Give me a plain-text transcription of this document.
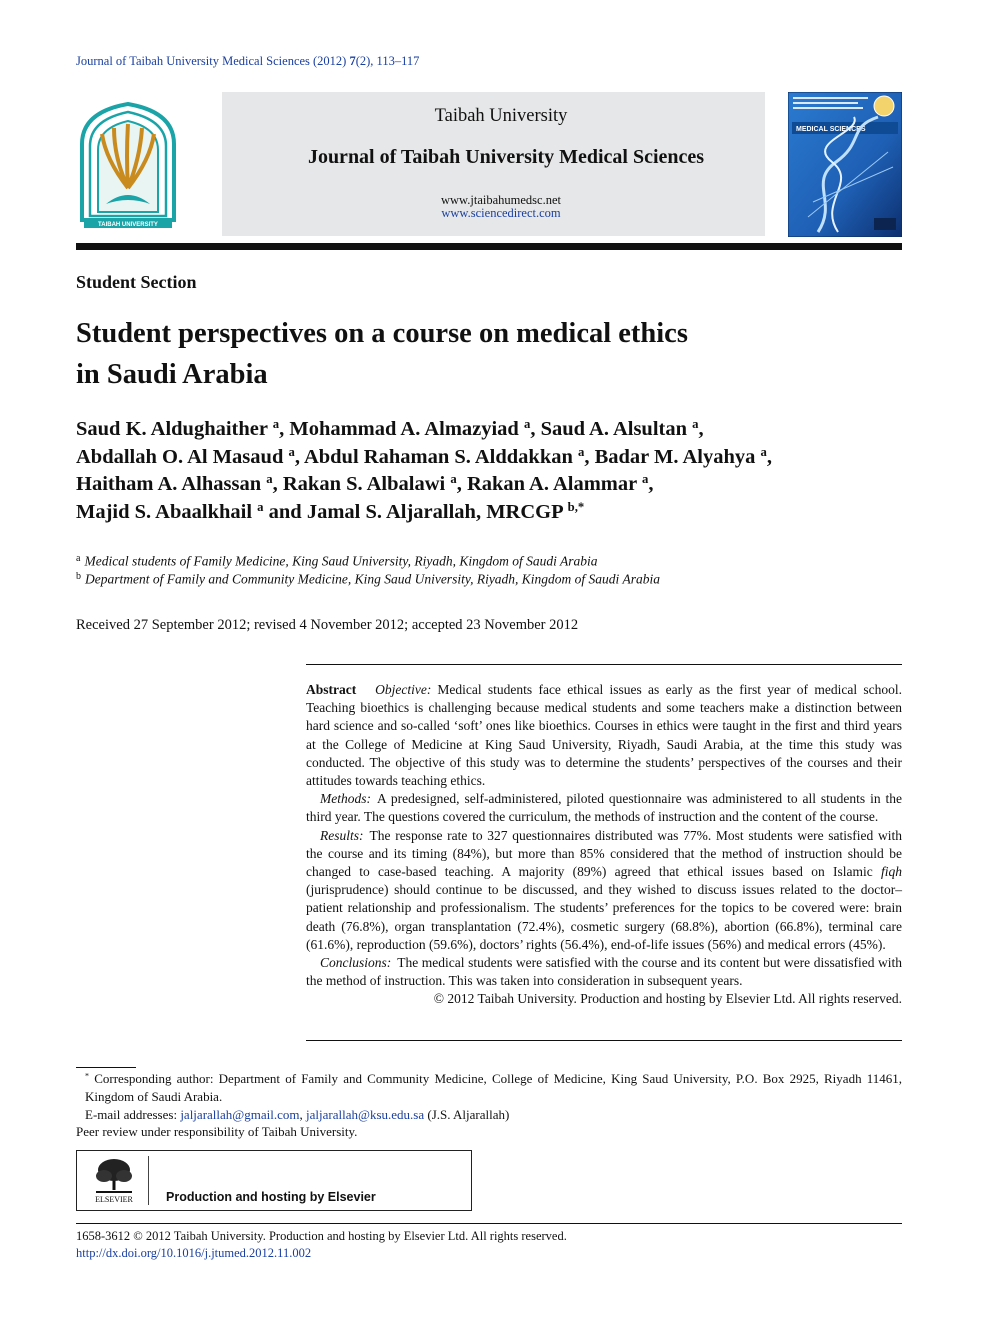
Journal of Taibah University Medical Sciences (2012) 7(2), 113–117
TAIBAH UNIVERSITY
Taibah University
Journal of Taibah University Medical Sciences
www.jtaibahumedsc.net
www.sciencedirect.com
MEDICAL SCIENCES
Student Section
Student perspectives on a course on medical ethics
in Saudi Arabia
Saud K. Aldughaither $^a$, Mohammad A. Almazyiad $^a$, Saud A. Alsultan $^a$,
Abdallah O. Al Masaud $^a$, Abdul Rahaman S. Alddakkan $^a$, Badar M. Alyahya $^a$,
Haitham A. Alhassan $^a$, Rakan S. Albalawi $^a$, Rakan A. Alammar $^a$,
Majid S. Abaalkhail $^a$ and Jamal S. Aljarallah, MRCGP $^{b,*}$
$^a$ Medical students of Family Medicine, King Saud University, Riyadh, Kingdom of Saudi Arabia
$^b$ Department of Family and Community Medicine, King Saud University, Riyadh, Kingdom of Saudi Arabia
Received 27 September 2012; revised 4 November 2012; accepted 23 November 2012

Abstract Objective: Medical students face ethical issues as early as the first year of medical school. Teaching bioethics is challenging because medical students and some teachers make a distinction between hard science and so-called ‘soft’ ones like bioethics. Courses in ethics were taught in the first and third years at the College of Medicine at King Saud University, Riyadh, Saudi Arabia, at the time this study was conducted. The objective of this study was to determine the students’ perspectives of the courses and their attitudes towards teaching ethics.

Methods: A predesigned, self-administered, piloted questionnaire was administered to all students in the third year. The questions covered the curriculum, the methods of instruction and the content of the course.

Results: The response rate to 327 questionnaires distributed was 77%. Most students were satisfied with the course and its timing (84%), but more than 85% considered that the method of instruction should be changed to case-based teaching. A majority (89%) agreed that ethical issues based on Islamic fiqh (jurisprudence) should continue to be discussed, and they wished to discuss issues related to the doctor–patient relationship and professionalism. The students’ preferences for the topics to be covered were: brain death (76.8%), organ transplantation (72.4%), cosmetic surgery (68.8%), abortion (66.8%), terminal care (61.6%), reproduction (59.6%), doctors’ rights (56.4%), end-of-life issues (56%) and medical errors (45%).

Conclusions: The medical students were satisfied with the course and its content but were dissatisfied with the method of instruction. This was taken into consideration in subsequent years.

© 2012 Taibah University. Production and hosting by Elsevier Ltd. All rights reserved.

* Corresponding author: Department of Family and Community Medicine, College of Medicine, King Saud University, P.O. Box 2925, Riyadh 11461, Kingdom of Saudi Arabia.

E-mail addresses: jaljarallah@gmail.com, jaljarallah@ksu.edu.sa (J.S. Aljarallah)

Peer review under responsibility of Taibah University.

ELSEVIER	Production and hosting by Elsevier
1658-3612 © 2012 Taibah University. Production and hosting by Elsevier Ltd. All rights reserved.
http://dx.doi.org/10.1016/j.jtumed.2012.11.002
